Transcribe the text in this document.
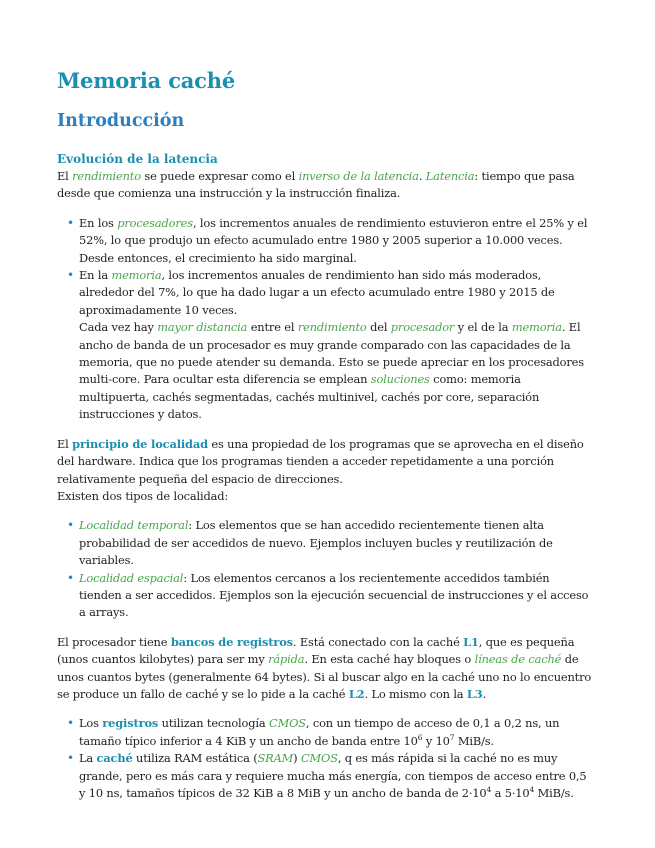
Memoria caché
Introducción
Evolución de la latencia

El rendimiento se puede expresar como el inverso de la latencia. Latencia: tiempo que pasa desde que comienza una instrucción y la instrucción finaliza.

• En los procesadores, los incrementos anuales de rendimiento estuvieron entre el 25% y el 52%, lo que produjo un efecto acumulado entre 1980 y 2005 superior a 10.000 veces. Desde entonces, el crecimiento ha sido marginal.
• En la memoria, los incrementos anuales de rendimiento han sido más moderados, alrededor del 7%, lo que ha dado lugar a un efecto acumulado entre 1980 y 2015 de aproximadamente 10 veces.
Cada vez hay mayor distancia entre el rendimiento del procesador y el de la memoria. El ancho de banda de un procesador es muy grande comparado con las capacidades de la memoria, que no puede atender su demanda. Esto se puede apreciar en los procesadores multi-core. Para ocultar esta diferencia se emplean soluciones como: memoria multipuerta, cachés segmentadas, cachés multinivel, cachés por core, separación instrucciones y datos.

El principio de localidad es una propiedad de los programas que se aprovecha en el diseño del hardware. Indica que los programas tienden a acceder repetidamente a una porción relativamente pequeña del espacio de direcciones.
Existen dos tipos de localidad:

• Localidad temporal: Los elementos que se han accedido recientemente tienen alta probabilidad de ser accedidos de nuevo. Ejemplos incluyen bucles y reutilización de variables.
• Localidad espacial: Los elementos cercanos a los recientemente accedidos también tienden a ser accedidos. Ejemplos son la ejecución secuencial de instrucciones y el acceso a arrays.

El procesador tiene bancos de registros. Está conectado con la caché L1, que es pequeña (unos cuantos kilobytes) para ser my rápida. En esta caché hay bloques o líneas de caché de unos cuantos bytes (generalmente 64 bytes). Si al buscar algo en la caché uno no lo encuentro se produce un fallo de caché y se lo pide a la caché L2. Lo mismo con la L3.

• Los registros utilizan tecnología CMOS, con un tiempo de acceso de 0,1 a 0,2 ns, un tamaño típico inferior a 4 KiB y un ancho de banda entre $10^6$ y $10^7$ MiB/s.
• La caché utiliza RAM estática (SRAM) CMOS, q es más rápida si la caché no es muy grande, pero es más cara y requiere mucha más energía, con tiempos de acceso entre 0,5 y 10 ns, tamaños típicos de 32 KiB a 8 MiB y un ancho de banda de $2\cdot 10^4$ a $5\cdot 10^4$ MiB/s.
